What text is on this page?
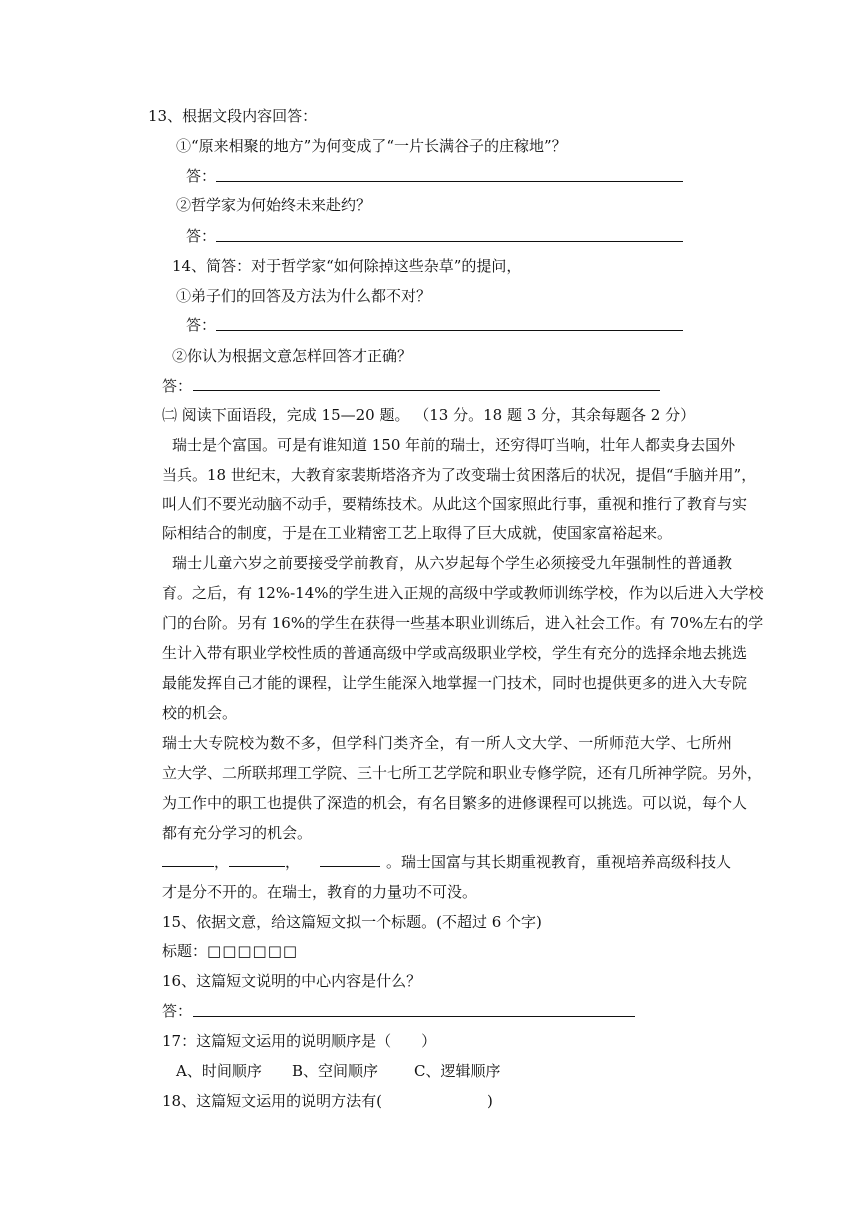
13、根据文段内容回答：
①“原来相聚的地方”为何变成了“一片长满谷子的庄稼地”？
答：
②哲学家为何始终未来赴约？
答：
14、简答：对于哲学家“如何除掉这些杂草”的提问，
①弟子们的回答及方法为什么都不对？
答：
②你认为根据文意怎样回答才正确？
答：
㈡ 阅读下面语段，完成 15—20 题。 （13 分。18 题 3 分，其余每题各 2 分）
瑞士是个富国。可是有谁知道 150 年前的瑞士，还穷得叮当响，壮年人都卖身去国外
当兵。18 世纪末，大教育家裴斯塔洛齐为了改变瑞士贫困落后的状况，提倡“手脑并用”，
叫人们不要光动脑不动手，要精练技术。从此这个国家照此行事，重视和推行了教育与实
际相结合的制度，于是在工业精密工艺上取得了巨大成就，使国家富裕起来。
瑞士儿童六岁之前要接受学前教育，从六岁起每个学生必须接受九年强制性的普通教
育。之后，有 12%-14%的学生进入正规的高级中学或教师训练学校，作为以后进入大学校
门的台阶。另有 16%的学生在获得一些基本职业训练后，进入社会工作。有 70%左右的学
生计入带有职业学校性质的普通高级中学或高级职业学校，学生有充分的选择余地去挑选
最能发挥自己才能的课程，让学生能深入地掌握一门技术，同时也提供更多的进入大专院
校的机会。
瑞士大专院校为数不多，但学科门类齐全，有一所人文大学、一所师范大学、七所州
立大学、二所联邦理工学院、三十七所工艺学院和职业专修学院，还有几所神学院。另外，
为工作中的职工也提供了深造的机会，有名目繁多的进修课程可以挑选。可以说，每个人
都有充分学习的机会。
，	，	。瑞士国富与其长期重视教育，重视培养高级科技人
才是分不开的。在瑞士，教育的力量功不可没。
15、依据文意，给这篇短文拟一个标题。(不超过 6 个字)
标题：□□□□□□
16、这篇短文说明的中心内容是什么？
答：
17：这篇短文运用的说明顺序是（　　）
A、时间顺序 B、空间顺序 C、逻辑顺序
18、这篇短文运用的说明方法有(　　　　　　　)
